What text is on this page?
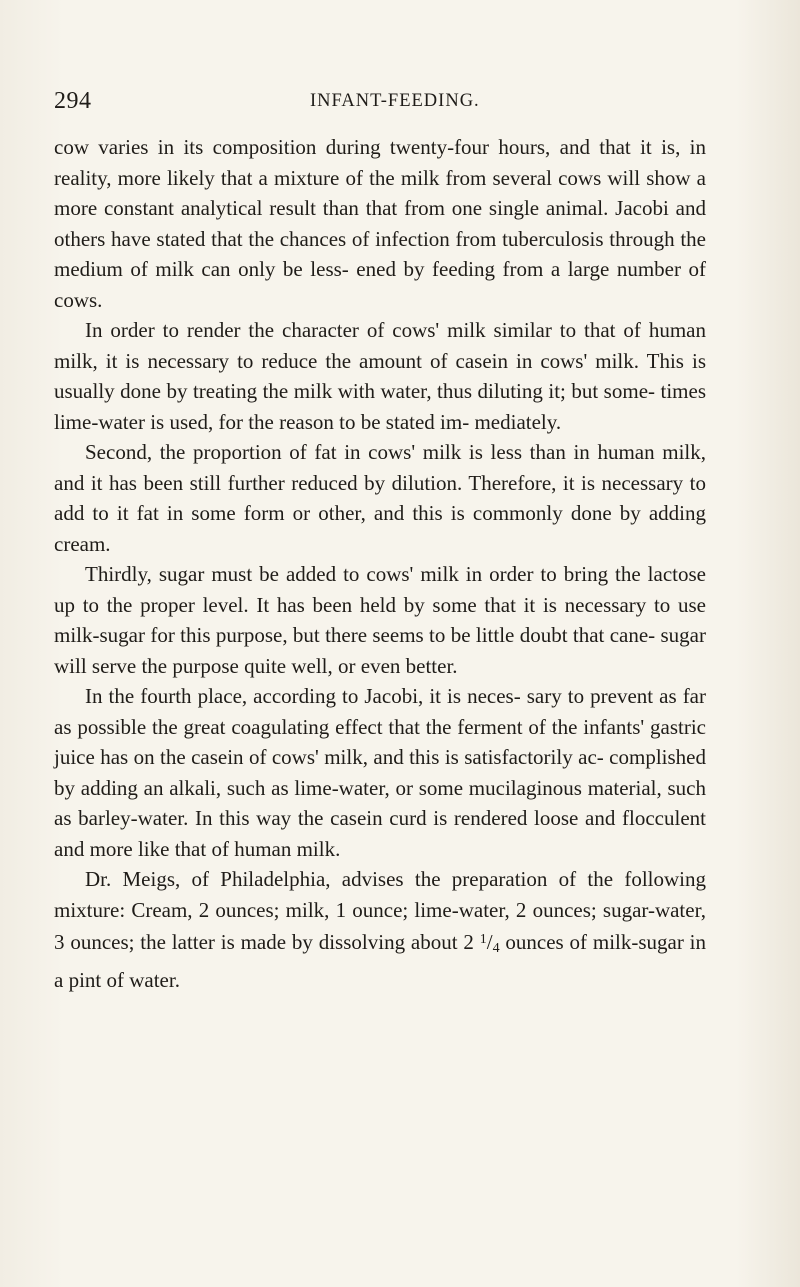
294	INFANT-FEEDING.

cow varies in its composition during twenty-four hours, and that it is, in reality, more likely that a mixture of the milk from several cows will show a more constant analytical result than that from one single animal. Jacobi and others have stated that the chances of infection from tuberculosis through the medium of milk can only be less- ened by feeding from a large number of cows.

In order to render the character of cows' milk similar to that of human milk, it is necessary to reduce the amount of casein in cows' milk. This is usually done by treating the milk with water, thus diluting it; but some- times lime-water is used, for the reason to be stated im- mediately.

Second, the proportion of fat in cows' milk is less than in human milk, and it has been still further reduced by dilution. Therefore, it is necessary to add to it fat in some form or other, and this is commonly done by adding cream.

Thirdly, sugar must be added to cows' milk in order to bring the lactose up to the proper level. It has been held by some that it is necessary to use milk-sugar for this purpose, but there seems to be little doubt that cane- sugar will serve the purpose quite well, or even better.

In the fourth place, according to Jacobi, it is neces- sary to prevent as far as possible the great coagulating effect that the ferment of the infants' gastric juice has on the casein of cows' milk, and this is satisfactorily ac- complished by adding an alkali, such as lime-water, or some mucilaginous material, such as barley-water. In this way the casein curd is rendered loose and flocculent and more like that of human milk.

Dr. Meigs, of Philadelphia, advises the preparation of the following mixture: Cream, 2 ounces; milk, 1 ounce; lime-water, 2 ounces; sugar-water, 3 ounces; the latter is made by dissolving about 2 $^1$/4 ounces of milk-sugar in a pint of water.
